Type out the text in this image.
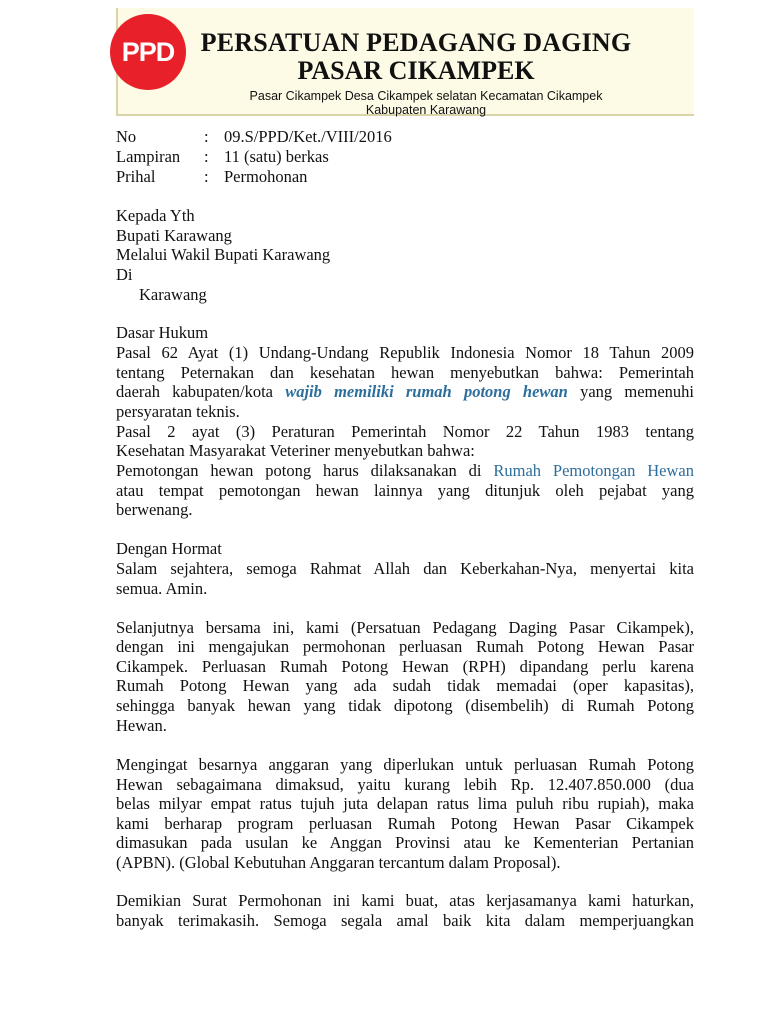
PPD	PERSATUAN PEDAGANG DAGING
PASAR CIKAMPEK
Pasar Cikampek Desa Cikampek selatan Kecamatan Cikampek
Kabupaten Karawang
No	: 09.S/PPD/Ket./VIII/2016
Lampiran : 11 (satu) berkas
Prihal	: Permohonan
Kepada Yth
Bupati Karawang
Melalui Wakil Bupati Karawang
Di
Karawang
Dasar Hukum
Pasal 62 Ayat (1) Undang-Undang Republik Indonesia Nomor 18 Tahun 2009
tentang Peternakan dan kesehatan hewan menyebutkan bahwa: Pemerintah
daerah kabupaten/kota wajib memiliki rumah potong hewan yang memenuhi
persyaratan teknis.
Pasal 2 ayat (3) Peraturan Pemerintah Nomor 22 Tahun 1983 tentang
Kesehatan Masyarakat Veteriner menyebutkan bahwa:
Pemotongan hewan potong harus dilaksanakan di Rumah Pemotongan Hewan
atau tempat pemotongan hewan lainnya yang ditunjuk oleh pejabat yang
berwenang.
Dengan Hormat
Salam sejahtera, semoga Rahmat Allah dan Keberkahan-Nya, menyertai kita
semua. Amin.
Selanjutnya bersama ini, kami (Persatuan Pedagang Daging Pasar Cikampek),
dengan ini mengajukan permohonan perluasan Rumah Potong Hewan Pasar
Cikampek. Perluasan Rumah Potong Hewan (RPH) dipandang perlu karena
Rumah Potong Hewan yang ada sudah tidak memadai (oper kapasitas),
sehingga banyak hewan yang tidak dipotong (disembelih) di Rumah Potong
Hewan.
Mengingat besarnya anggaran yang diperlukan untuk perluasan Rumah Potong
Hewan sebagaimana dimaksud, yaitu kurang lebih Rp. 12.407.850.000 (dua
belas milyar empat ratus tujuh juta delapan ratus lima puluh ribu rupiah), maka
kami berharap program perluasan Rumah Potong Hewan Pasar Cikampek
dimasukan pada usulan ke Anggan Provinsi atau ke Kementerian Pertanian
(APBN). (Global Kebutuhan Anggaran tercantum dalam Proposal).
Demikian Surat Permohonan ini kami buat, atas kerjasamanya kami haturkan,
banyak terimakasih. Semoga segala amal baik kita dalam memperjuangkan
